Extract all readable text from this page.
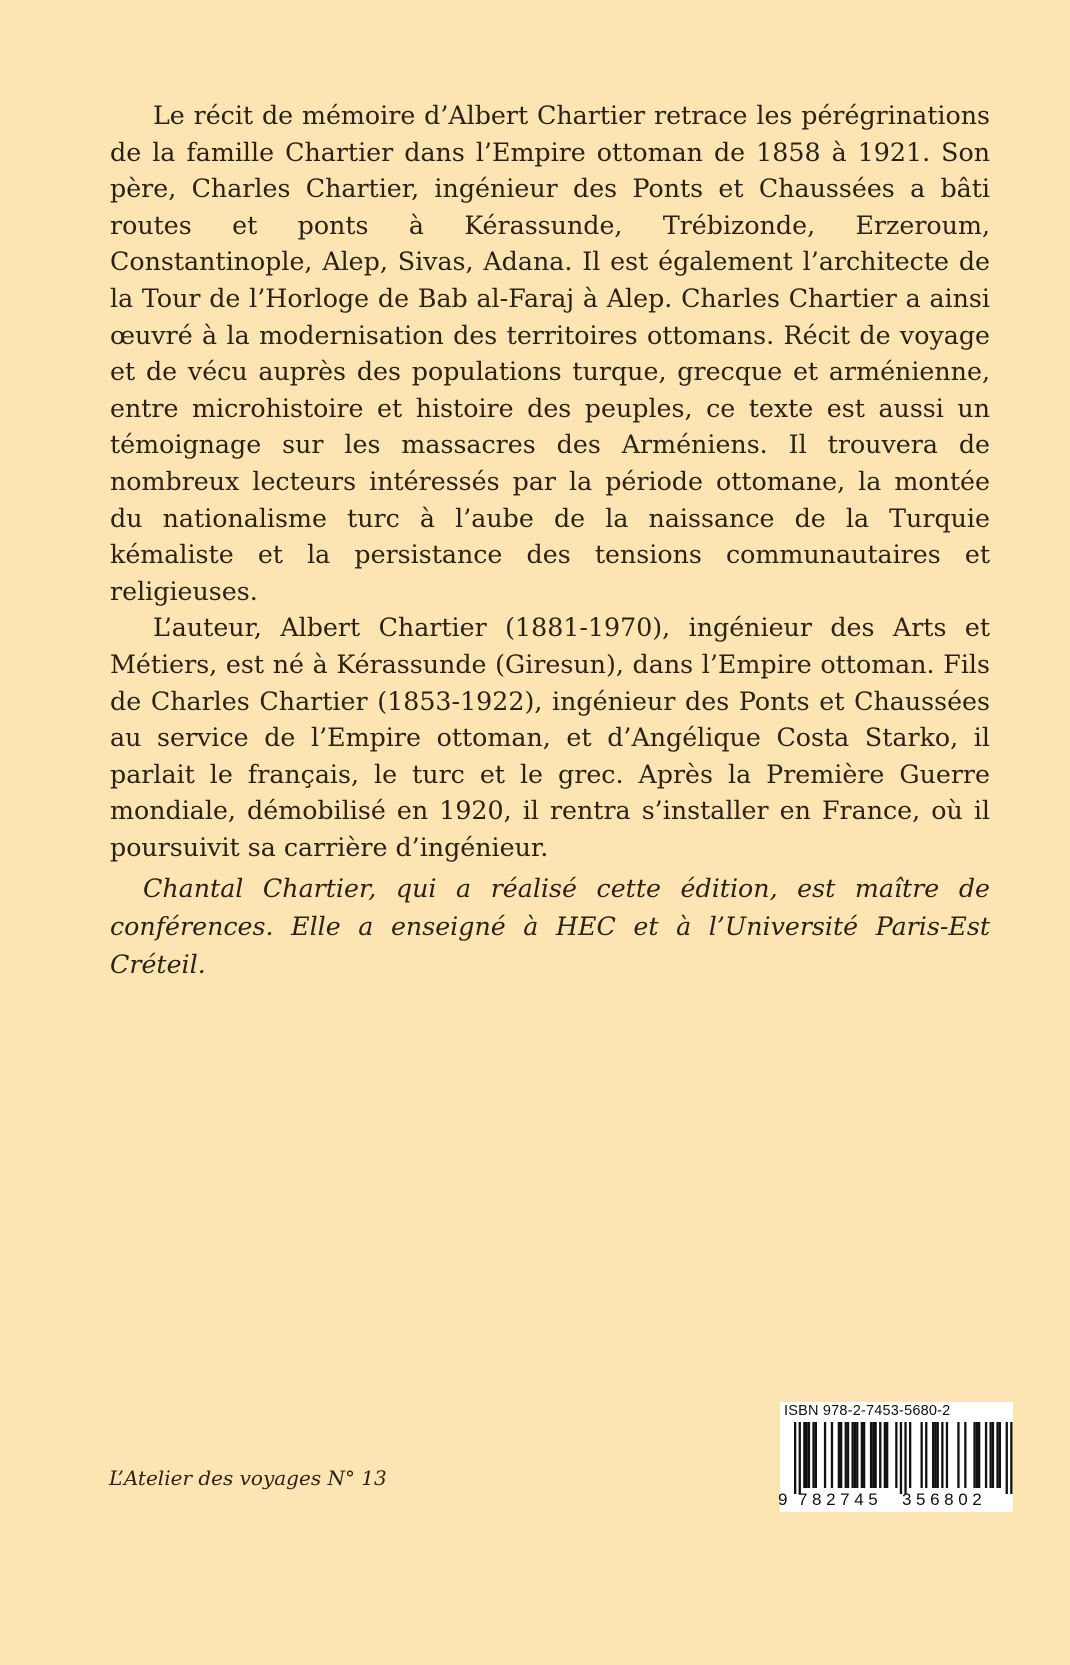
Le récit de mémoire d’Albert Chartier retrace les pérégrinations de la famille Chartier dans l’Empire ottoman de 1858 à 1921. Son père, Charles Chartier, ingénieur des Ponts et Chaussées a bâti routes et ponts à Kérassunde, Trébizonde, Erzeroum, Constantinople, Alep, Sivas, Adana. Il est également l’architecte de la Tour de l’Horloge de Bab al-Faraj à Alep. Charles Chartier a ainsi œuvré à la modernisation des territoires ottomans. Récit de voyage et de vécu auprès des populations turque, grecque et arménienne, entre microhistoire et histoire des peuples, ce texte est aussi un témoignage sur les massacres des Arméniens. Il trouvera de nombreux lecteurs intéressés par la période ottomane, la montée du nationalisme turc à l’aube de la naissance de la Turquie kémaliste et la persistance des tensions communautaires et religieuses.

L’auteur, Albert Chartier (1881-1970), ingénieur des Arts et Métiers, est né à Kérassunde (Giresun), dans l’Empire ottoman. Fils de Charles Chartier (1853-1922), ingénieur des Ponts et Chaussées au service de l’Empire ottoman, et d’Angélique Costa Starko, il parlait le français, le turc et le grec. Après la Première Guerre mondiale, démobilisé en 1920, il rentra s’installer en France, où il poursuivit sa carrière d’ingénieur.

Chantal Chartier, qui a réalisé cette édition, est maître de conférences. Elle a enseigné à HEC et à l’Université Paris-Est Créteil.

L’Atelier des voyages N° 13

ISBN 978-2-7453-5680-2
9 782745 356802
